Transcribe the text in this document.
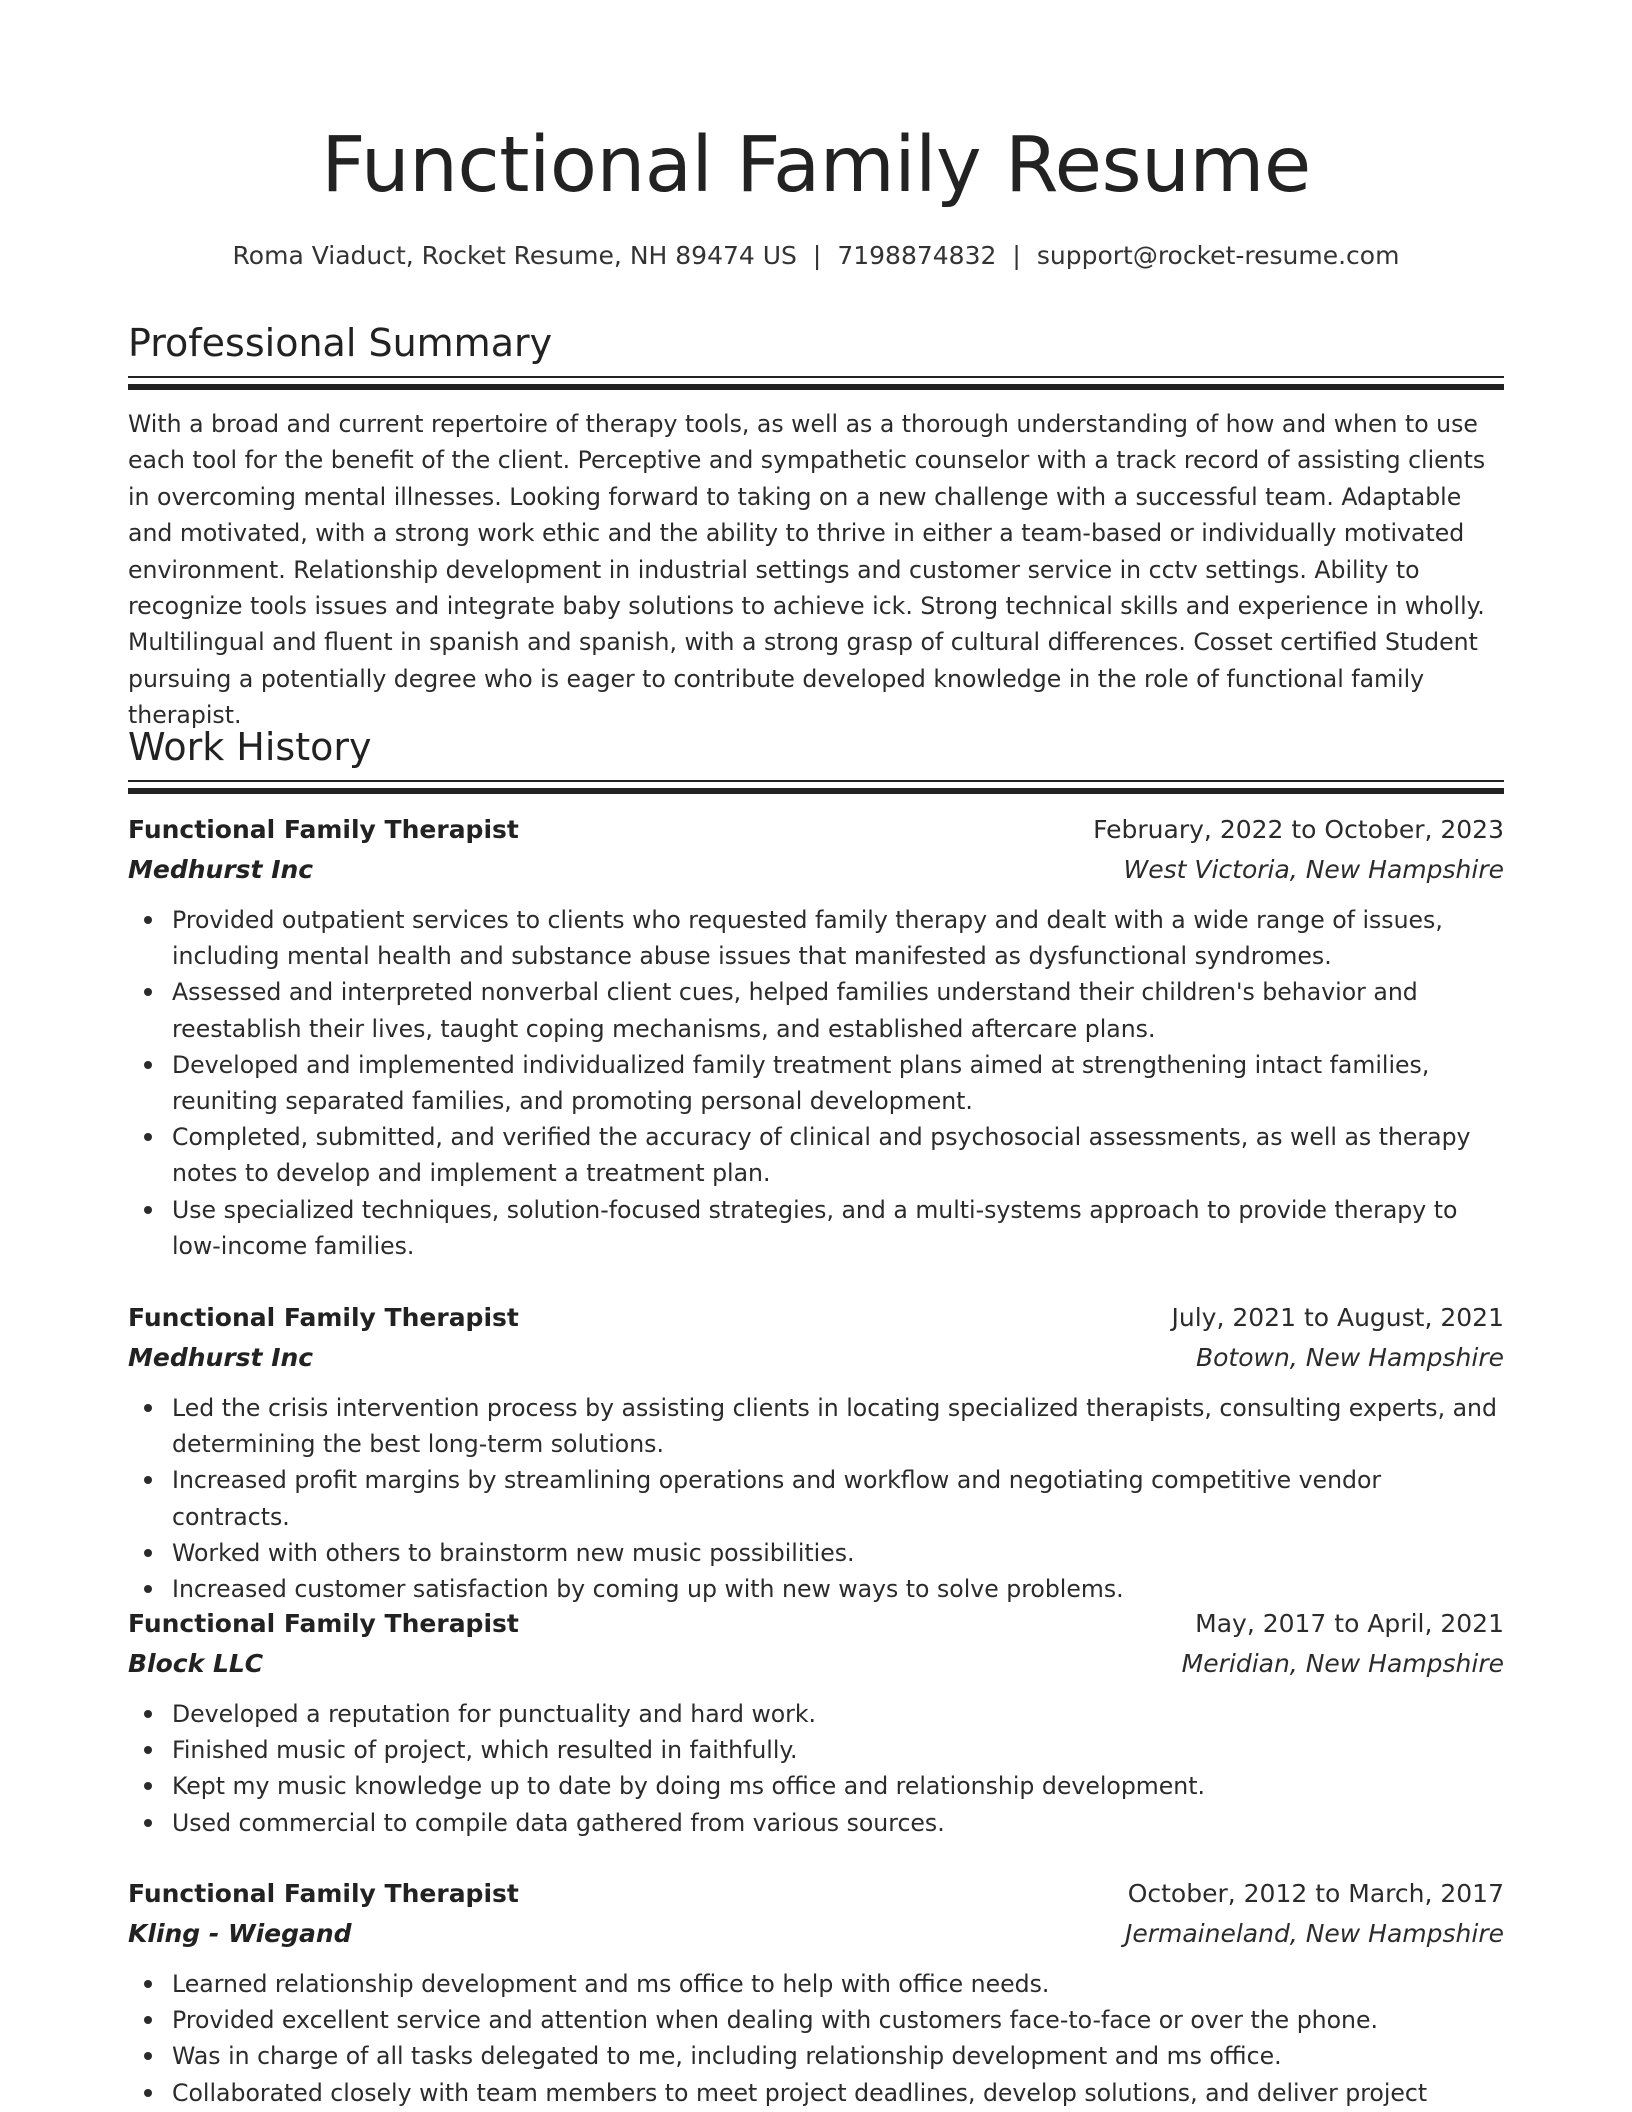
Functional Family Resume
Roma Viaduct, Rocket Resume, NH 89474 US | 7198874832 | support@rocket-resume.com
Professional Summary

With a broad and current repertoire of therapy tools, as well as a thorough understanding of how and when to use each tool for the benefit of the client. Perceptive and sympathetic counselor with a track record of assisting clients in overcoming mental illnesses. Looking forward to taking on a new challenge with a successful team. Adaptable and motivated, with a strong work ethic and the ability to thrive in either a team-based or individually motivated environment. Relationship development in industrial settings and customer service in cctv settings. Ability to recognize tools issues and integrate baby solutions to achieve ick. Strong technical skills and experience in wholly. Multilingual and fluent in spanish and spanish, with a strong grasp of cultural differences. Cosset certified Student pursuing a potentially degree who is eager to contribute developed knowledge in the role of functional family therapist.

Work History
Functional Family Therapist	February, 2022 to October, 2023
Medhurst Inc	West Victoria, New Hampshire
Provided outpatient services to clients who requested family therapy and dealt with a wide range of issues, including mental health and substance abuse issues that manifested as dysfunctional syndromes.
Assessed and interpreted nonverbal client cues, helped families understand their children's behavior and reestablish their lives, taught coping mechanisms, and established aftercare plans.
Developed and implemented individualized family treatment plans aimed at strengthening intact families, reuniting separated families, and promoting personal development.
Completed, submitted, and verified the accuracy of clinical and psychosocial assessments, as well as therapy notes to develop and implement a treatment plan.
Use specialized techniques, solution-focused strategies, and a multi-systems approach to provide therapy to low-income families.
Functional Family Therapist	July, 2021 to August, 2021
Medhurst Inc	Botown, New Hampshire
Led the crisis intervention process by assisting clients in locating specialized therapists, consulting experts, and determining the best long-term solutions.
Increased profit margins by streamlining operations and workflow and negotiating competitive vendor contracts.
Worked with others to brainstorm new music possibilities.
Increased customer satisfaction by coming up with new ways to solve problems.
Functional Family Therapist	May, 2017 to April, 2021
Block LLC	Meridian, New Hampshire
Developed a reputation for punctuality and hard work.
Finished music of project, which resulted in faithfully.
Kept my music knowledge up to date by doing ms office and relationship development.
Used commercial to compile data gathered from various sources.
Functional Family Therapist	October, 2012 to March, 2017
Kling - Wiegand	Jermaineland, New Hampshire
Learned relationship development and ms office to help with office needs.
Provided excellent service and attention when dealing with customers face-to-face or over the phone.
Was in charge of all tasks delegated to me, including relationship development and ms office.
Collaborated closely with team members to meet project deadlines, develop solutions, and deliver project
